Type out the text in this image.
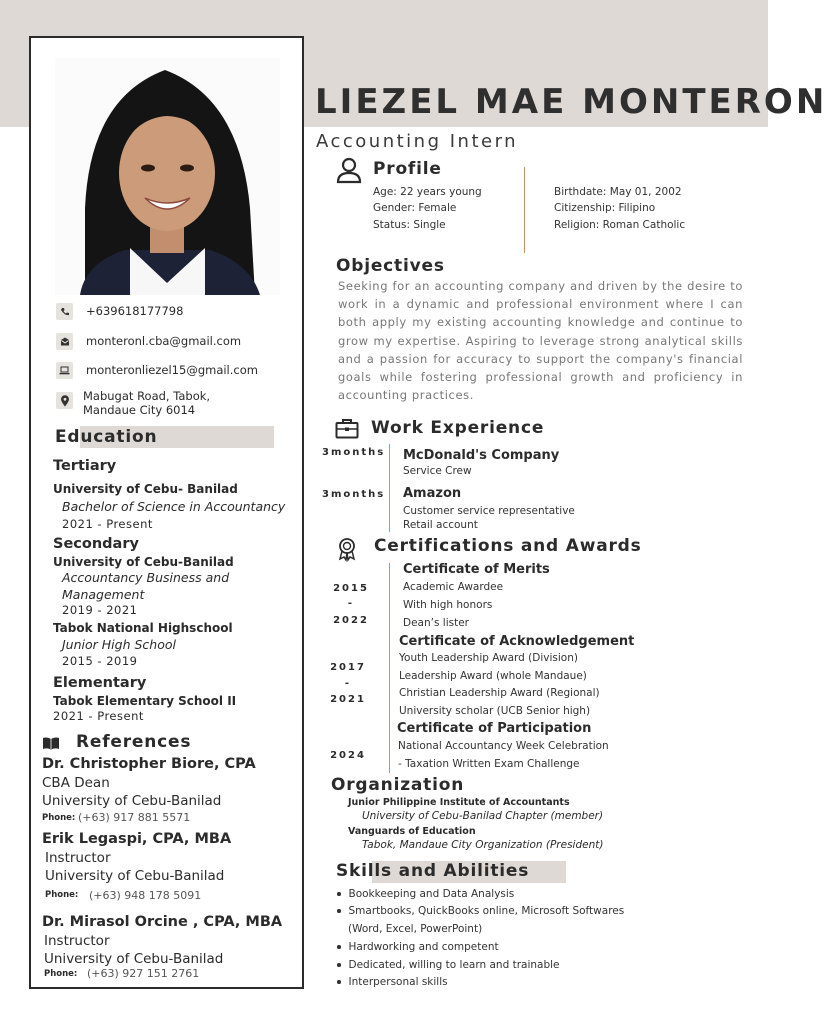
+639618177798
monteronl.cba@gmail.com
monteronliezel15@gmail.com
Mabugat Road, Tabok,
Mandaue City 6014
Education
Tertiary
University of Cebu- Banilad
Bachelor of Science in Accountancy
2021 - Present
Secondary
University of Cebu-Banilad
Accountancy Business and
Management
2019 - 2021
Tabok National Highschool
Junior High School
2015 - 2019
Elementary
Tabok Elementary School II
2021 - Present
References
Dr. Christopher Biore, CPA
CBA Dean
University of Cebu-Banilad
Phone: (+63) 917 881 5571
Erik Legaspi, CPA, MBA
Instructor
University of Cebu-Banilad
Phone: (+63) 948 178 5091
Dr. Mirasol Orcine , CPA, MBA
Instructor
University of Cebu-Banilad
Phone: (+63) 927 151 2761
LIEZEL MAE MONTERON
Accounting Intern
Profile
Age: 22 years young
Gender: Female
Status: Single
Birthdate: May 01, 2002
Citizenship: Filipino
Religion: Roman Catholic
Objectives
Seeking for an accounting company and driven by the desire to work in a dynamic and professional environment where I can both apply my existing accounting knowledge and continue to grow my expertise. Aspiring to leverage strong analytical skills and a passion for accuracy to support the company's financial goals while fostering professional growth and proficiency in accounting practices.
Work Experience
3months McDonald's Company
Service Crew
3months Amazon
Customer service representative
Retail account
Certifications and Awards
2015
-
2022
Certificate of Merits
Academic Awardee
With high honors
Dean’s lister
2017
-
2021
Certificate of Acknowledgement
Youth Leadership Award (Division)
Leadership Award (whole Mandaue)
Christian Leadership Award (Regional)
University scholar (UCB Senior high)
2024
Certificate of Participation
National Accountancy Week Celebration
- Taxation Written Exam Challenge
Organization
Junior Philippine Institute of Accountants
University of Cebu-Banilad Chapter (member)
Vanguards of Education
Tabok, Mandaue City Organization (President)
Skills and Abilities
Bookkeeping and Data Analysis
Smartbooks, QuickBooks online, Microsoft Softwares
(Word, Excel, PowerPoint)
Hardworking and competent
Dedicated, willing to learn and trainable
Interpersonal skills
